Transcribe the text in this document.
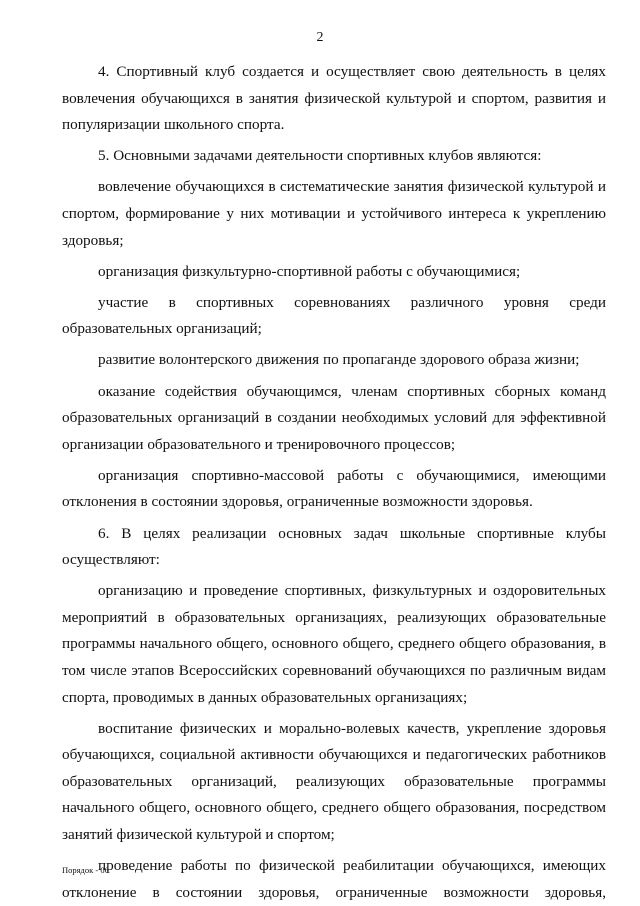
2

4. Спортивный клуб создается и осуществляет свою деятельность в целях вовлечения обучающихся в занятия физической культурой и спортом, развития и популяризации школьного спорта.

5. Основными задачами деятельности спортивных клубов являются:

вовлечение обучающихся в систематические занятия физической культурой и спортом, формирование у них мотивации и устойчивого интереса к укреплению здоровья;

организация физкультурно-спортивной работы с обучающимися;

участие в спортивных соревнованиях различного уровня среди образовательных организаций;

развитие волонтерского движения по пропаганде здорового образа жизни;

оказание содействия обучающимся, членам спортивных сборных команд образовательных организаций в создании необходимых условий для эффективной организации образовательного и тренировочного процессов;

организация спортивно-массовой работы с обучающимися, имеющими отклонения в состоянии здоровья, ограниченные возможности здоровья.

6. В целях реализации основных задач школьные спортивные клубы осуществляют:

организацию и проведение спортивных, физкультурных и оздоровительных мероприятий в образовательных организациях, реализующих образовательные программы начального общего, основного общего, среднего общего образования, в том числе этапов Всероссийских соревнований обучающихся по различным видам спорта, проводимых в данных образовательных организациях;

воспитание физических и морально-волевых качеств, укрепление здоровья обучающихся, социальной активности обучающихся и педагогических работников образовательных организаций, реализующих образовательные программы начального общего, основного общего, среднего общего образования, посредством занятий физической культурой и спортом;

проведение работы по физической реабилитации обучающихся, имеющих отклонение в состоянии здоровья, ограниченные возможности здоровья,

Порядок - 06
